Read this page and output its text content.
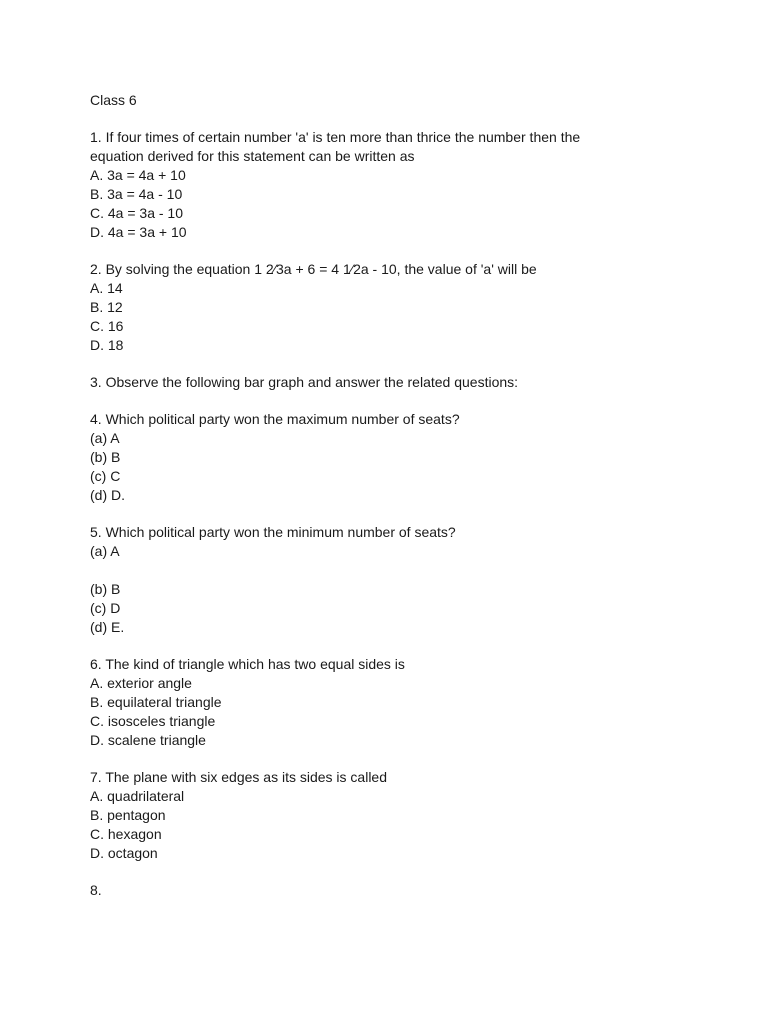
Class 6
1. If four times of certain number 'a' is ten more than thrice the number then the
equation derived for this statement can be written as
A. 3a = 4a + 10
B. 3a = 4a - 10
C. 4a = 3a - 10
D. 4a = 3a + 10
2. By solving the equation 1 2⁄3a + 6 = 4 1⁄2a - 10, the value of 'a' will be
A. 14
B. 12
C. 16
D. 18
3. Observe the following bar graph and answer the related questions:
4. Which political party won the maximum number of seats?
(a) A
(b) B
(c) C
(d) D.
5. Which political party won the minimum number of seats?
(a) A
(b) B
(c) D
(d) E.
6. The kind of triangle which has two equal sides is
A. exterior angle
B. equilateral triangle
C. isosceles triangle
D. scalene triangle
7. The plane with six edges as its sides is called
A. quadrilateral
B. pentagon
C. hexagon
D. octagon
8.
